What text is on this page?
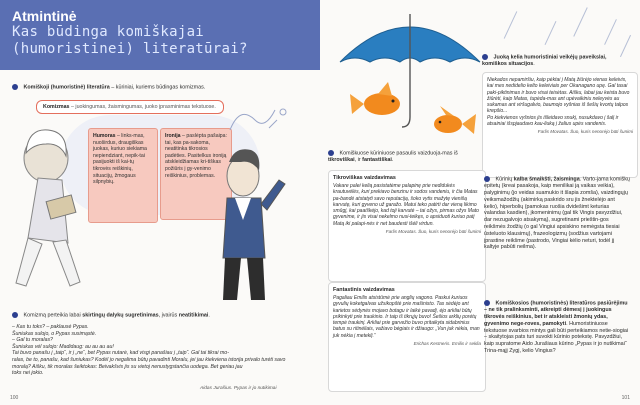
Atmintinė
Kas būdinga komiškajai (humoristinei) literatūrai?
Komiškoji (humoristinė) literatūra – kūriniai, kuriems būdingas komizmas.
Komizmas – juokingumas, žaismingumas, juoko įprasminimas tekstuose.
Humoras – links-mas, nuoširdus, draugiškas juokas, kuriuo siekiama nepiendziant, nepik-tai pasijuokti iš kai-tų tikrovės reiškinių, situacijų, žmogaus silpnybių.
Ironija – paslėpta pašaipa: tai, kas pa-sakoma, neatitinka tikrosios padėties. Pasitelkus ironiją atskleidžiamas kri-tiškas požiūris į gy-venimo reiškinius, problemas.
Komizmą perteikia labai skirtingų dalykų sugretinimas, įvairūs neatitikimai.
– Kas tu toks? – paklausė Pypas.
Šuniukas sulojo, o Pypas susimąstė.
– Gal tu moralas?
Šuniukas vėl sulojo: Madidaug: au au au au!
Tai buvo panašu į „taip“, ir į „ne“, bet Pypas nutarė, kad visgi panašiau į „taip“. Gal tai tikrai mo-
ralas, be to, panašu, kad šuniukas? Kodėl jo negalima būtų pavadinti Moralu, jei jau kiekviena istorija privalo turėti savo
moralą? Aišku, tik moralas šeiktokas: Beivakšvis jis su vietoj nenustygstančia uodega. Bet geriau jau
toks nei jokio.
Aidas Jurašius. Pypas ir jo nutikimai
100
Juoką kelia humoristiniai veikėjų paveikslai, komiškos situacijos.
Niekados nepamiršiu, kaip pėktai į Matą žiūrėjo vienas keleivis, kai mes nedidelio kelto keleiviais per Okanagano upę. Gal tasai paki-piktinimas ir buvo visai teisėtas. Aišku, labai jau keista buvo žiūrėti, kaip Matas, tupėda-mas ant upėvaikiniu neleyvės au sukamas ant viršugalvio, baumojo vyšnias iš šešių kvortų talpos krepšio...
Po kiekvienos vyšnios jis išleidavo snukį, nusukdavo į šalį ir atsainiai išspjaudavo kau-liuką į žalius upės vandenis.
Farlis Movatas. Šuo, kuris nenorėjo būti šunimi
Komiškuose kūriniuose pasaulis vaizduoja-mas iš tikroviškai, ir fantastiškai.
Tikroviškas vaizdavimas
Vakare palei kelią pasistatėme palapinę prie nedidukės krautuvėlės, kuri prekiavo benzinu ir sodos vandeniu, ir čia Matas pa-bandė atstatyti savo reputaciją, šoko vytis mažytę vienišą karvutę, kuri gyveno už garažo. Matui teko patirti dar vieną likimo smūgį, kai paaiškėjo, kad toji karvutė – tai ožys, pirmas ožys Mato gyvenime, ir jis visai nekelmo nusi-teikęs, o apsiduoti kuriuo patį Matą iki palapi-nės ir net baudesti išėli virdun.
Farlis Movatas. Šuo, kuris nenorėjo būti šunimi
Fantastinis vaizdavimas
Pagaliau Emilis atsistūmė prie anglių vagono. Paskui kuriuos gyvulių koketgalvas užsikopštė prie mašinisto. Tas sėdėjo ant karietos sėdynės mojavo botagu ir laikė pavadį, ėjo arkliai būtų prikinkyti prie traukinio. Ir taip iš tikrųjų buvo! Šešios arklių porėtų tempė traukinį. Arkliai prie garvežio buvo pritaikyta sidabrinius batus su ritinėliais, važiavo bėgiais ir džiaugo: „Vun juk nėkia, man juk nėkia į meteklį.“
Erichas Kestneris. Emilis ir seklia
Kūrinių kalba šmaikšti, žaisminga. Varto-jama komiškų epitetų (kreai pasakoja, kaip menilikai ją vaikas veikia), palyginimų (jo veidas suamukio it šlapia zomša), vaizdingųjų veiksmažodžių (akimirką paskrido sru jis žnektelėjo ant kelio), hiperbolių (pamokas ruošia dvidešimt keturias valandas kasdien), įkomeninimų (gal tik Vingis pavyzdžiui, dar nezugalvojo atsakymą), sugretinami prieštin-gos reikšmės žodžių (o gal Vingiui apsiskino nemėgsta tiesiai ūsteluoto klausimų), frazeologizmų (sodžius vartojami įprastine reikšme (pastrodo, Vingiai kėlio neturi, todėl jį kaltyje pabūti neilma).
Komiškosios (humoristinės) literatūros pasiūrėjimu – ne tik pralinksminti, atkreipti dėmesį į juokingus tikrovės reiškinius, bet ir atskleisti žmonių ydas, gyvenimo nege-roves, pamokyti. Humoristiniuose tekstuose svarbios mintys gali būti perteikiamos netie-siogiai – skaitytojas pats turi suvokti kūrinio potekstę. Pavyzdžiui, kaip supratome Aido Jurašiaus kūrino „Pypas ir jo nutikimai“ Trina-mąjį Zygį, kelio Vingius?
101
